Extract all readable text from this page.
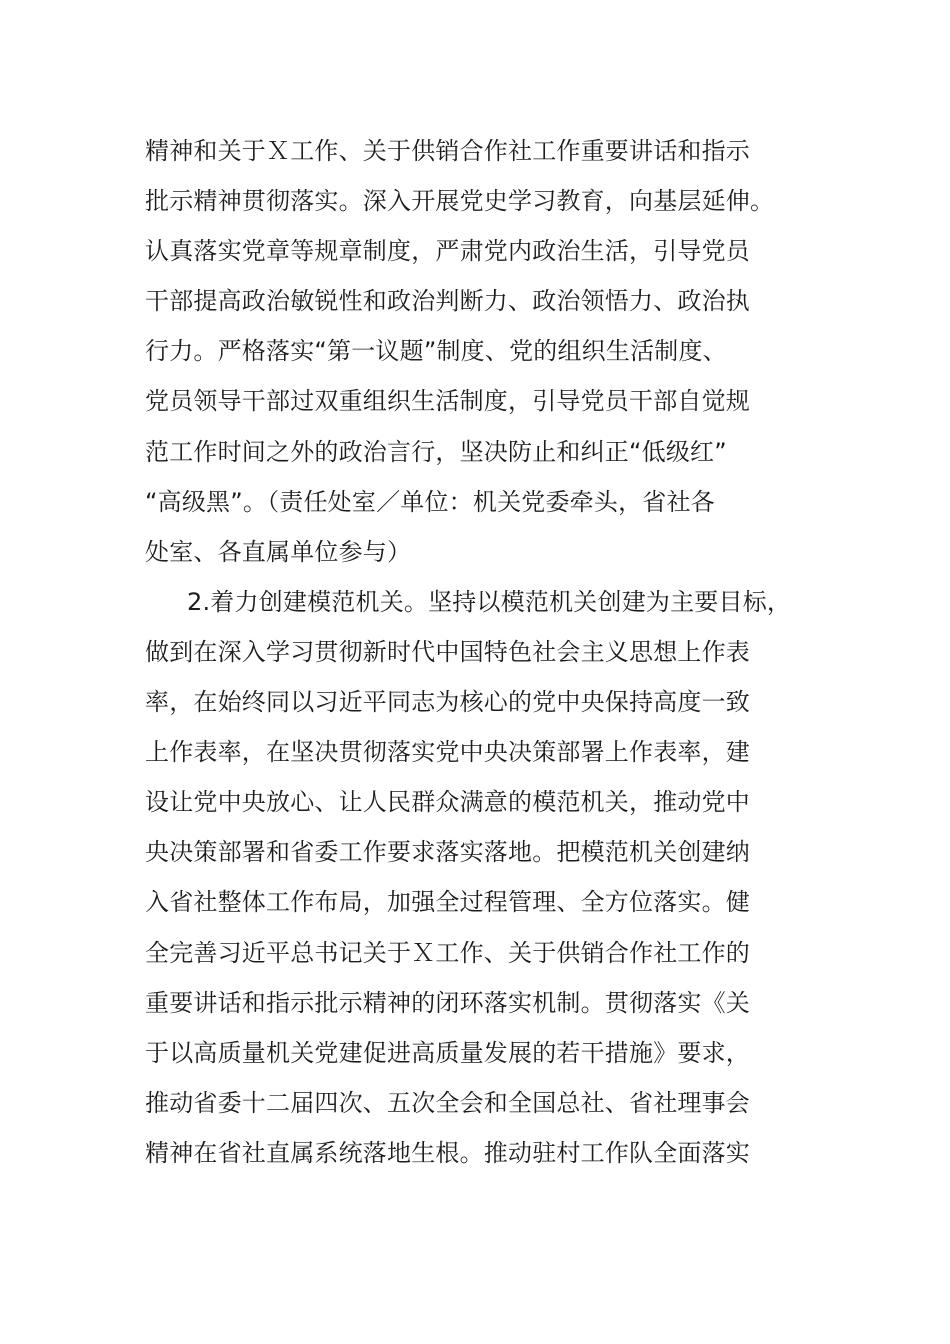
精神和关于Ｘ工作、关于供销合作社工作重要讲话和指示
批示精神贯彻落实。深入开展党史学习教育，向基层延伸。
认真落实党章等规章制度，严肃党内政治生活，引导党员
干部提高政治敏锐性和政治判断力、政治领悟力、政治执
行力。严格落实“第一议题”制度、党的组织生活制度、
党员领导干部过双重组织生活制度，引导党员干部自觉规
范工作时间之外的政治言行，坚决防止和纠正“低级红”
“高级黑”。（责任处室／单位：机关党委牵头，省社各
处室、各直属单位参与）
2.着力创建模范机关。坚持以模范机关创建为主要目标，
做到在深入学习贯彻新时代中国特色社会主义思想上作表
率，在始终同以习近平同志为核心的党中央保持高度一致
上作表率，在坚决贯彻落实党中央决策部署上作表率，建
设让党中央放心、让人民群众满意的模范机关，推动党中
央决策部署和省委工作要求落实落地。把模范机关创建纳
入省社整体工作布局，加强全过程管理、全方位落实。健
全完善习近平总书记关于Ｘ工作、关于供销合作社工作的
重要讲话和指示批示精神的闭环落实机制。贯彻落实《关
于以高质量机关党建促进高质量发展的若干措施》要求，
推动省委十二届四次、五次全会和全国总社、省社理事会
精神在省社直属系统落地生根。推动驻村工作队全面落实
